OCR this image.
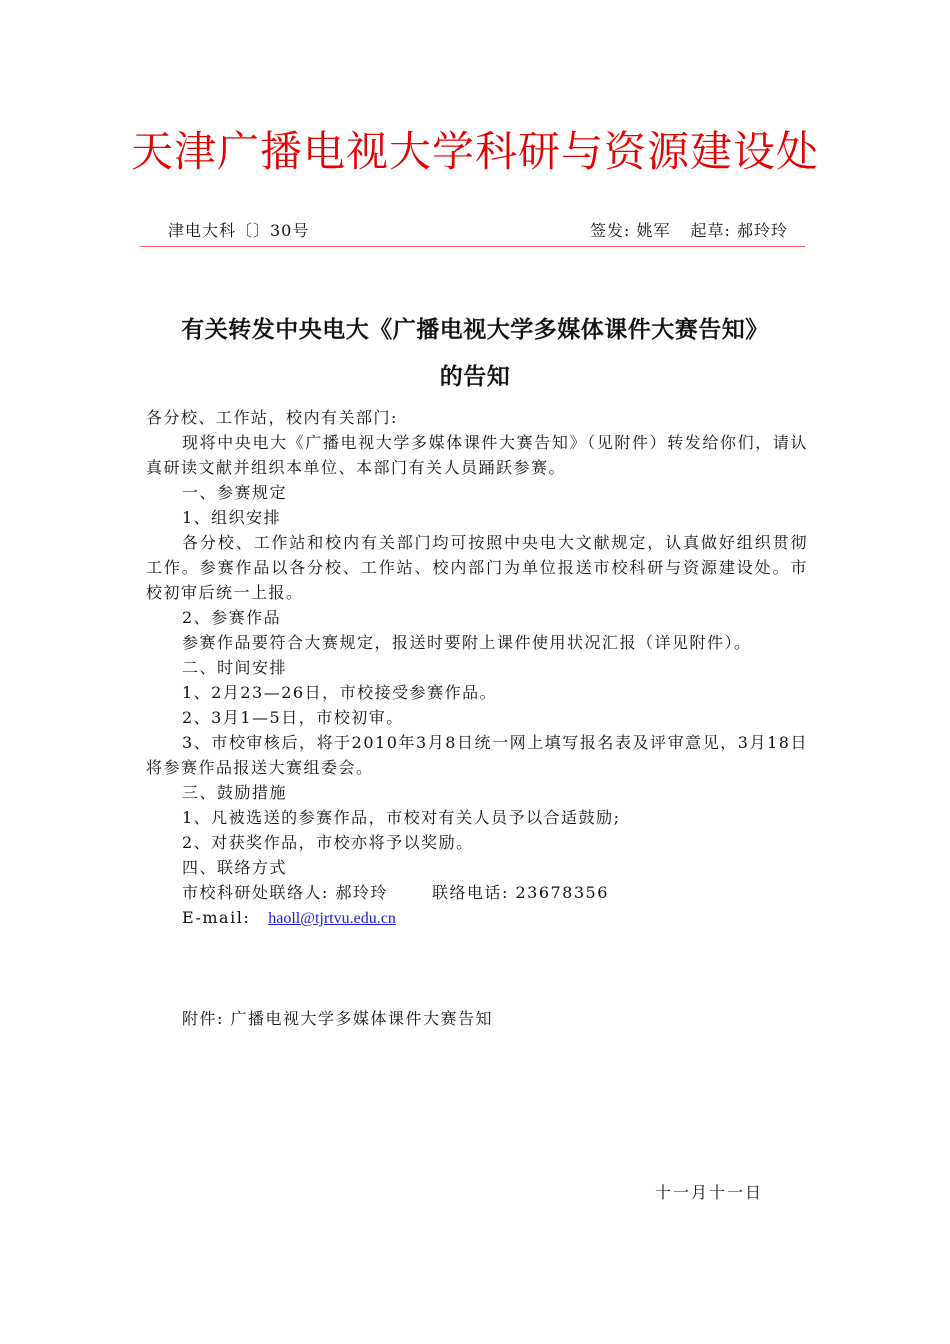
天津广播电视大学科研与资源建设处
津电大科〔〕30号	签发: 姚军 起草: 郝玲玲
有关转发中央电大《广播电视大学多媒体课件大赛告知》
的告知

各分校、工作站，校内有关部门:

现将中央电大《广播电视大学多媒体课件大赛告知》（见附件）转发给你们，请认真研读文献并组织本单位、本部门有关人员踊跃参赛。

一、参赛规定

1、组织安排

各分校、工作站和校内有关部门均可按照中央电大文献规定，认真做好组织贯彻工作。参赛作品以各分校、工作站、校内部门为单位报送市校科研与资源建设处。市校初审后统一上报。

2、参赛作品

参赛作品要符合大赛规定，报送时要附上课件使用状况汇报（详见附件）。

二、时间安排

1、2月23—26日，市校接受参赛作品。

2、3月1—5日，市校初审。

3、市校审核后，将于2010年3月8日统一网上填写报名表及评审意见，3月18日将参赛作品报送大赛组委会。

三、鼓励措施

1、凡被选送的参赛作品，市校对有关人员予以合适鼓励;

2、对获奖作品，市校亦将予以奖励。

四、联络方式

市校科研处联络人: 郝玲玲	联络电话: 23678356

E-mail: haoll@tjrtvu.edu.cn

附件: 广播电视大学多媒体课件大赛告知
十一月十一日
